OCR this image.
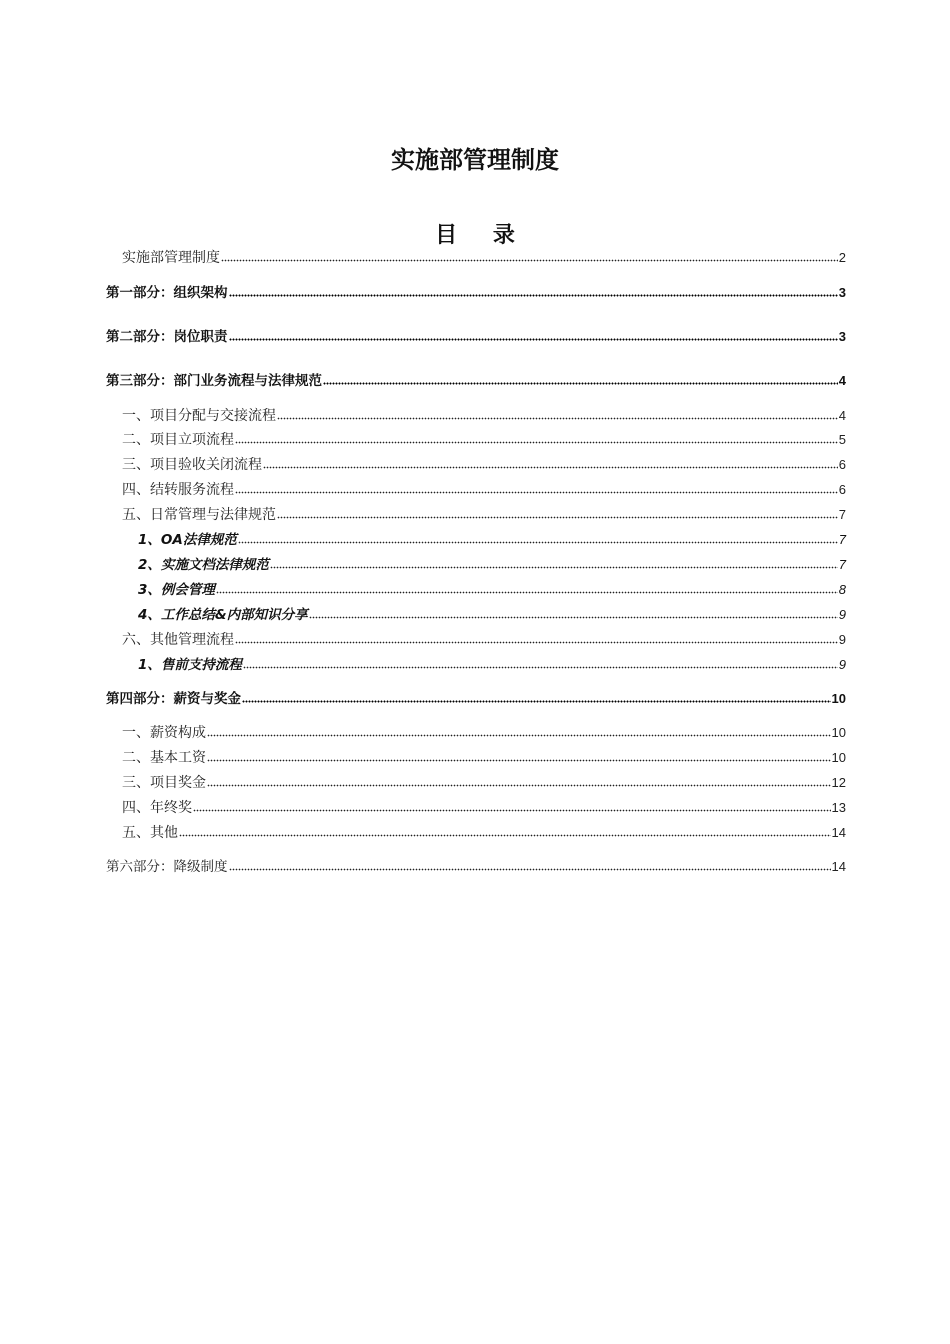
实施部管理制度
目 录
实施部管理制度	2
第一部分：组织架构	3
第二部分：岗位职责	3
第三部分：部门业务流程与法律规范	4
一、项目分配与交接流程	4
二、项目立项流程	5
三、项目验收关闭流程	6
四、结转服务流程	6
五、日常管理与法律规范	7
1、OA法律规范	7
2、实施文档法律规范	7
3、例会管理	8
4、工作总结&内部知识分享	9
六、其他管理流程	9
1、售前支持流程	9
第四部分：薪资与奖金	10
一、薪资构成	10
二、基本工资	10
三、项目奖金	12
四、年终奖	13
五、其他	14
第六部分：降级制度	14
